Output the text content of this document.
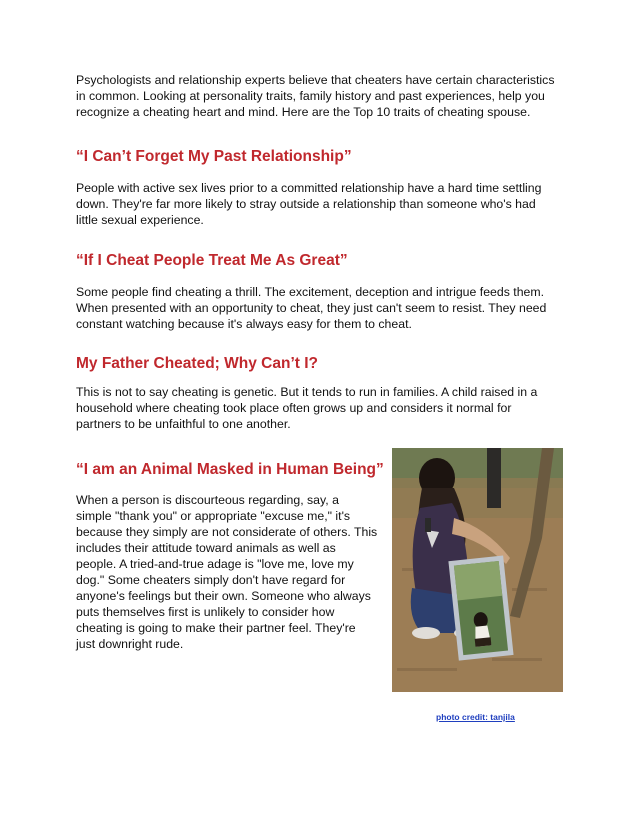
Psychologists and relationship experts believe that cheaters have certain characteristics
in common. Looking at personality traits, family history and past experiences, help you
recognize a cheating heart and mind. Here are the Top 10 traits of cheating spouse.

“I Can’t Forget My Past Relationship”

People with active sex lives prior to a committed relationship have a hard time settling
down. They're far more likely to stray outside a relationship than someone who's had
little sexual experience.

“If I Cheat People Treat Me As Great”

Some people find cheating a thrill. The excitement, deception and intrigue feeds them.
When presented with an opportunity to cheat, they just can't seem to resist. They need
constant watching because it's always easy for them to cheat.

My Father Cheated; Why Can’t I?

This is not to say cheating is genetic. But it tends to run in families. A child raised in a
household where cheating took place often grows up and considers it normal for
partners to be unfaithful to one another.

“I am an Animal Masked in Human Being”

When a person is discourteous regarding, say, a
simple "thank you" or appropriate "excuse me," it's
because they simply are not considerate of others. This
includes their attitude toward animals as well as
people. A tried-and-true adage is "love me, love my
dog." Some cheaters simply don't have regard for
anyone's feelings but their own. Someone who always
puts themselves first is unlikely to consider how
cheating is going to make their partner feel. They're
just downright rude.

photo credit: tanjila
